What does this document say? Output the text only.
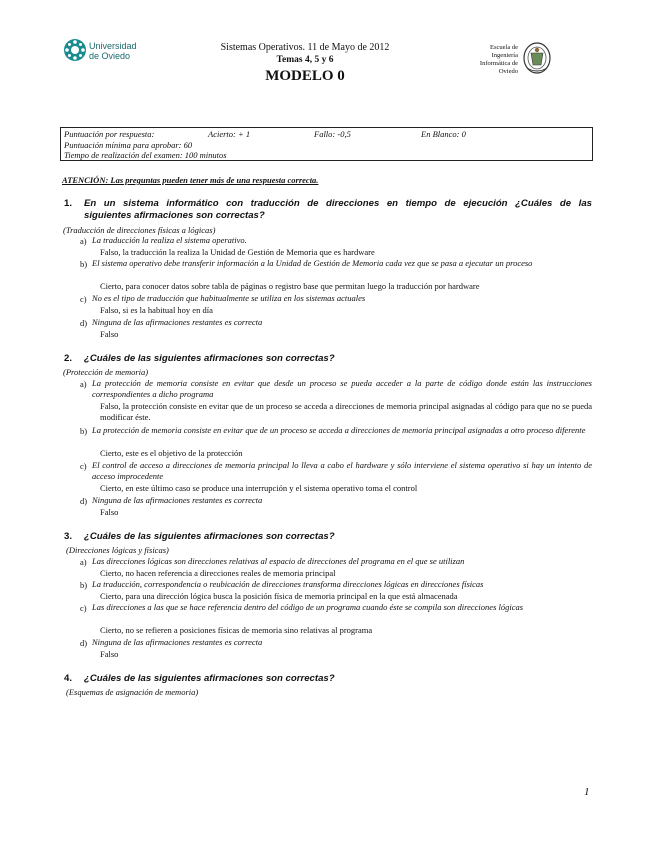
Universidad
de Oviedo
Sistemas Operativos. 11 de Mayo de 2012
Temas 4, 5 y 6
MODELO 0
Escuela de
Ingeniería
Informática de
Oviedo
Puntuación por respuesta:	Acierto: + 1	Fallo: -0,5	En Blanco: 0
Puntuación mínima para aprobar: 60
Tiempo de realización del examen: 100 minutos
ATENCIÓN: Las preguntas pueden tener más de una respuesta correcta.
1. En un sistema informático con traducción de direcciones en tiempo de ejecución ¿Cuáles de las
siguientes afirmaciones son correctas?
(Traducción de direcciones físicas a lógicas)
a) La traducción la realiza el sistema operativo.
Falso, la traducción la realiza la Unidad de Gestión de Memoria que es hardware
b) El sistema operativo debe transferir información a la Unidad de Gestión de Memoria cada vez que se pasa a ejecutar un proceso
Cierto, para conocer datos sobre tabla de páginas o registro base que permitan luego la traducción por hardware
c) No es el tipo de traducción que habitualmente se utiliza en los sistemas actuales
Falso, si es la habitual hoy en día
d) Ninguna de las afirmaciones restantes es correcta
Falso
2. ¿Cuáles de las siguientes afirmaciones son correctas?
(Protección de memoria)
a) La protección de memoria consiste en evitar que desde un proceso se pueda acceder a la parte de código donde están las instrucciones correspondientes a dicho programa
Falso, la protección consiste en evitar que de un proceso se acceda a direcciones de memoria principal asignadas al código para que no se pueda modificar éste.
b) La protección de memoria consiste en evitar que de un proceso se acceda a direcciones de memoria principal asignadas a otro proceso diferente
Cierto, este es el objetivo de la protección
c) El control de acceso a direcciones de memoria principal lo lleva a cabo el hardware y sólo interviene el sistema operativo si hay un intento de acceso improcedente
Cierto, en este último caso se produce una interrupción y el sistema operativo toma el control
d) Ninguna de las afirmaciones restantes es correcta
Falso
3. ¿Cuáles de las siguientes afirmaciones son correctas?
(Direcciones lógicas y físicas)
a) Las direcciones lógicas son direcciones relativas al espacio de direcciones del programa en el que se utilizan
Cierto, no hacen referencia a direcciones reales de memoria principal
b) La traducción, correspondencia o reubicación de direcciones transforma direcciones lógicas en direcciones físicas
Cierto, para una dirección lógica busca la posición física de memoria principal en la que está almacenada
c) Las direcciones a las que se hace referencia dentro del código de un programa cuando éste se compila son direcciones lógicas
Cierto, no se refieren a posiciones físicas de memoria sino relativas al programa
d) Ninguna de las afirmaciones restantes es correcta
Falso
4. ¿Cuáles de las siguientes afirmaciones son correctas?
(Esquemas de asignación de memoria)
1
